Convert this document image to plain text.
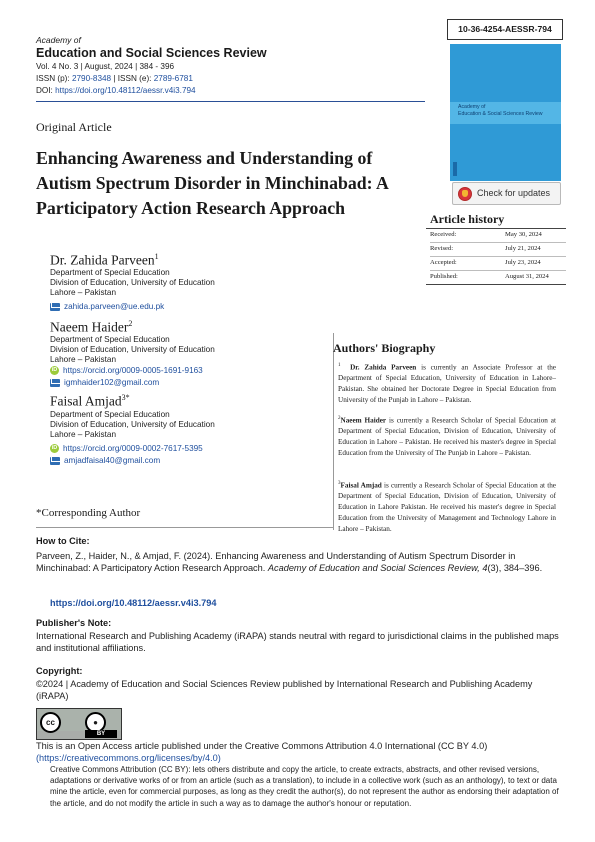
Academy of
Education and Social Sciences Review
Vol. 4 No. 3 | August, 2024 | 384 - 396
ISSN (p): 2790-8348 | ISSN (e): 2789-6781
DOI: https://doi.org/10.48112/aessr.v4i3.794
10-36-4254-AESSR-794
Academy of
Education & Social Sciences Review
Check for updates
Article history
Received:	May 30, 2024
Revised:	July 21, 2024
Accepted:	July 23, 2024
Published:	August 31, 2024
Original Article
Enhancing Awareness and Understanding of Autism Spectrum Disorder in Minchinabad: A Participatory Action Research Approach
Dr. Zahida Parveen$^1$
Department of Special Education
Division of Education, University of Education
Lahore – Pakistan
zahida.parveen@ue.edu.pk
Naeem Haider$^2$
Department of Special Education
Division of Education, University of Education
Lahore – Pakistan
iD https://orcid.org/0009-0005-1691-9163
igmhaider102@gmail.com
Faisal Amjad$^{3*}$
Department of Special Education
Division of Education, University of Education
Lahore – Pakistan
iD https://orcid.org/0009-0002-7617-5395
amjadfaisal40@gmail.com
Authors' Biography
$^1$ Dr. Zahida Parveen is currently an Associate Professor at the Department of Special Education, University of Education in Lahore– Pakistan. She obtained her Doctorate Degree in Special Education from University of the Punjab in Lahore – Pakistan.
$^2$Naeem Haider is currently a Research Scholar of Special Education at Department of Special Education, Division of Education, University of Education in Lahore – Pakistan. He received his master's degree in Special Education from the University of The Punjab in Lahore – Pakistan.
$^3$Faisal Amjad is currently a Research Scholar of Special Education at the Department of Special Education, Division of Education, University of Education in Lahore Pakistan. He received his master's degree in Special Education from the University of Management and Technology Lahore in Lahore – Pakistan.
*Corresponding Author
How to Cite:
Parveen, Z., Haider, N., & Amjad, F. (2024). Enhancing Awareness and Understanding of Autism Spectrum Disorder in Minchinabad: A Participatory Action Research Approach. Academy of Education and Social Sciences Review, 4(3), 384–396.
https://doi.org/10.48112/aessr.v4i3.794
Publisher's Note:
International Research and Publishing Academy (iRAPA) stands neutral with regard to jurisdictional claims in the published maps and institutional affiliations.
Copyright:
©2024 | Academy of Education and Social Sciences Review published by International Research and Publishing Academy (iRAPA)
cc	●
BY
This is an Open Access article published under the Creative Commons Attribution 4.0 International (CC BY 4.0)
(https://creativecommons.org/licenses/by/4.0)
Creative Commons Attribution (CC BY): lets others distribute and copy the article, to create extracts, abstracts, and other revised versions, adaptations or derivative works of or from an article (such as a translation), to include in a collective work (such as an anthology), to text or data mine the article, even for commercial purposes, as long as they credit the author(s), do not represent the author as endorsing their adaptation of the article, and do not modify the article in such a way as to damage the author's honour or reputation.
